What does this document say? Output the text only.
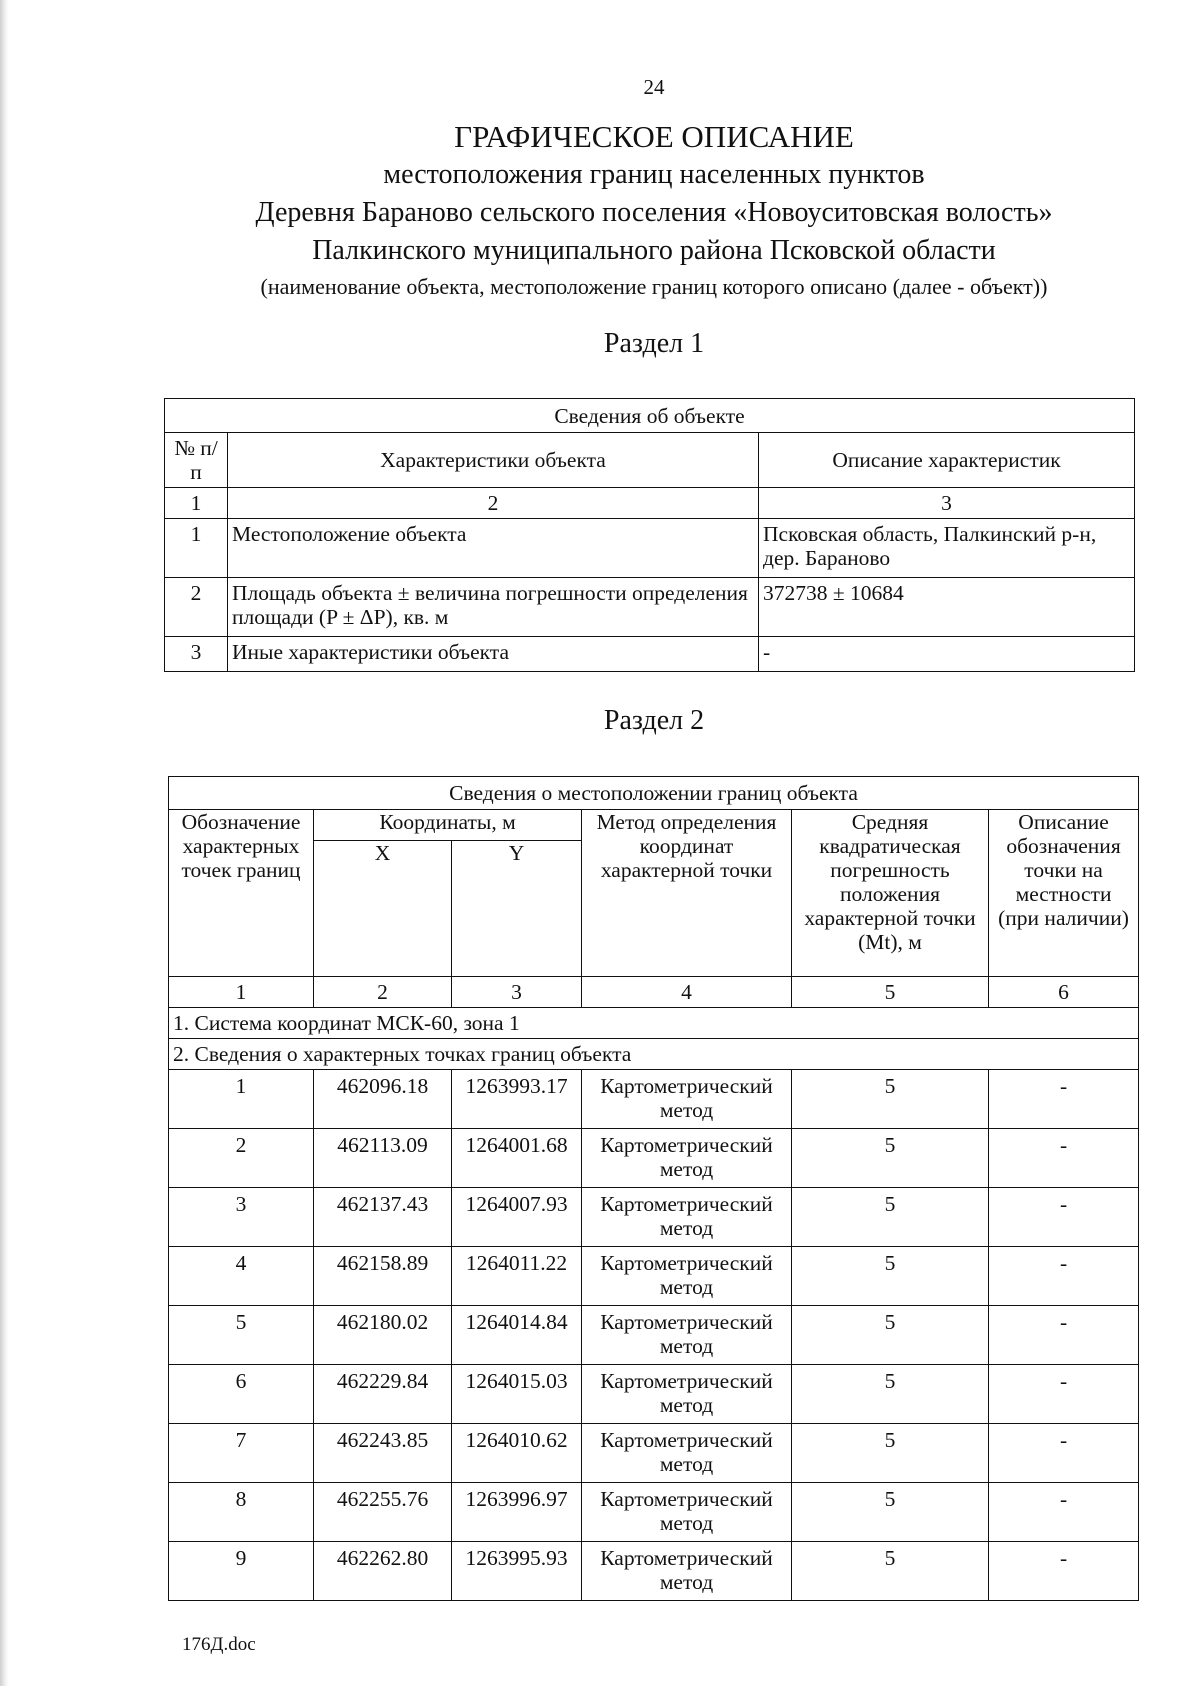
24
ГРАФИЧЕСКОЕ ОПИСАНИЕ
местоположения границ населенных пунктов
Деревня Бараново сельского поселения «Новоуситовская волость»
Палкинского муниципального района Псковской области
(наименование объекта, местоположение границ которого описано (далее - объект))
Раздел 1
Сведения об объекте		
№ п/п	Характеристики объекта	Описание характеристик
1	2	3
1	Местоположение объекта	Псковская область, Палкинский р-н, дер. Бараново
2	Площадь объекта ± величина погрешности определения площади (P ± ΔP), кв. м	372738 ± 10684
3	Иные характеристики объекта	-
Раздел 2
Сведения о местоположении границ объекта					
Обозначение характерных точек границ	Координаты, м		Метод определения координат характерной точки	Средняя квадратическая погрешность положения характерной точки (Mt), м	Описание обозначения точки на местности (при наличии)
	X	Y			
1	2	3	4	5	6
1. Система координат МСК-60, зона 1					
2. Сведения о характерных точках границ объекта					
1	462096.18	1263993.17	Картометрический метод	5	-
2	462113.09	1264001.68	Картометрический метод	5	-
3	462137.43	1264007.93	Картометрический метод	5	-
4	462158.89	1264011.22	Картометрический метод	5	-
5	462180.02	1264014.84	Картометрический метод	5	-
6	462229.84	1264015.03	Картометрический метод	5	-
7	462243.85	1264010.62	Картометрический метод	5	-
8	462255.76	1263996.97	Картометрический метод	5	-
9	462262.80	1263995.93	Картометрический метод	5	-
176Д.doc
